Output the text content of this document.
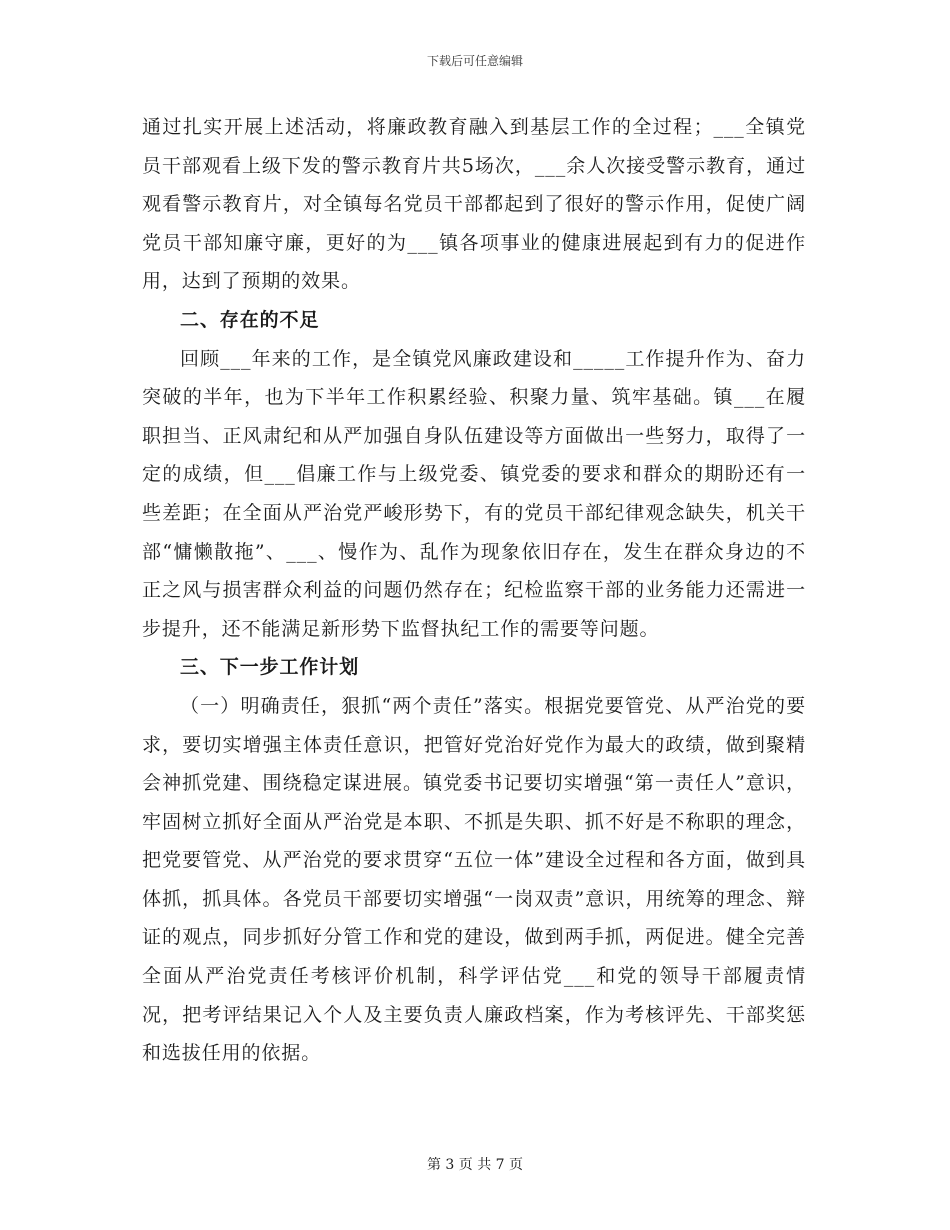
下载后可任意编辑

通过扎实开展上述活动，将廉政教育融入到基层工作的全过程；___全镇党员干部观看上级下发的警示教育片共5场次，___余人次接受警示教育，通过观看警示教育片，对全镇每名党员干部都起到了很好的警示作用，促使广阔党员干部知廉守廉，更好的为___镇各项事业的健康进展起到有力的促进作用，达到了预期的效果。

二、存在的不足

回顾___年来的工作，是全镇党风廉政建设和_____工作提升作为、奋力突破的半年，也为下半年工作积累经验、积聚力量、筑牢基础。镇___在履职担当、正风肃纪和从严加强自身队伍建设等方面做出一些努力，取得了一定的成绩，但___倡廉工作与上级党委、镇党委的要求和群众的期盼还有一些差距；在全面从严治党严峻形势下，有的党员干部纪律观念缺失，机关干部“慵懒散拖”、___、慢作为、乱作为现象依旧存在，发生在群众身边的不正之风与损害群众利益的问题仍然存在；纪检监察干部的业务能力还需进一步提升，还不能满足新形势下监督执纪工作的需要等问题。

三、下一步工作计划

（一）明确责任，狠抓“两个责任”落实。根据党要管党、从严治党的要求，要切实增强主体责任意识，把管好党治好党作为最大的政绩，做到聚精会神抓党建、围绕稳定谋进展。镇党委书记要切实增强“第一责任人”意识，牢固树立抓好全面从严治党是本职、不抓是失职、抓不好是不称职的理念，把党要管党、从严治党的要求贯穿“五位一体”建设全过程和各方面，做到具体抓，抓具体。各党员干部要切实增强“一岗双责”意识，用统筹的理念、辩证的观点，同步抓好分管工作和党的建设，做到两手抓，两促进。健全完善全面从严治党责任考核评价机制，科学评估党___和党的领导干部履责情况，把考评结果记入个人及主要负责人廉政档案，作为考核评先、干部奖惩和选拔任用的依据。

第 3 页 共 7 页
